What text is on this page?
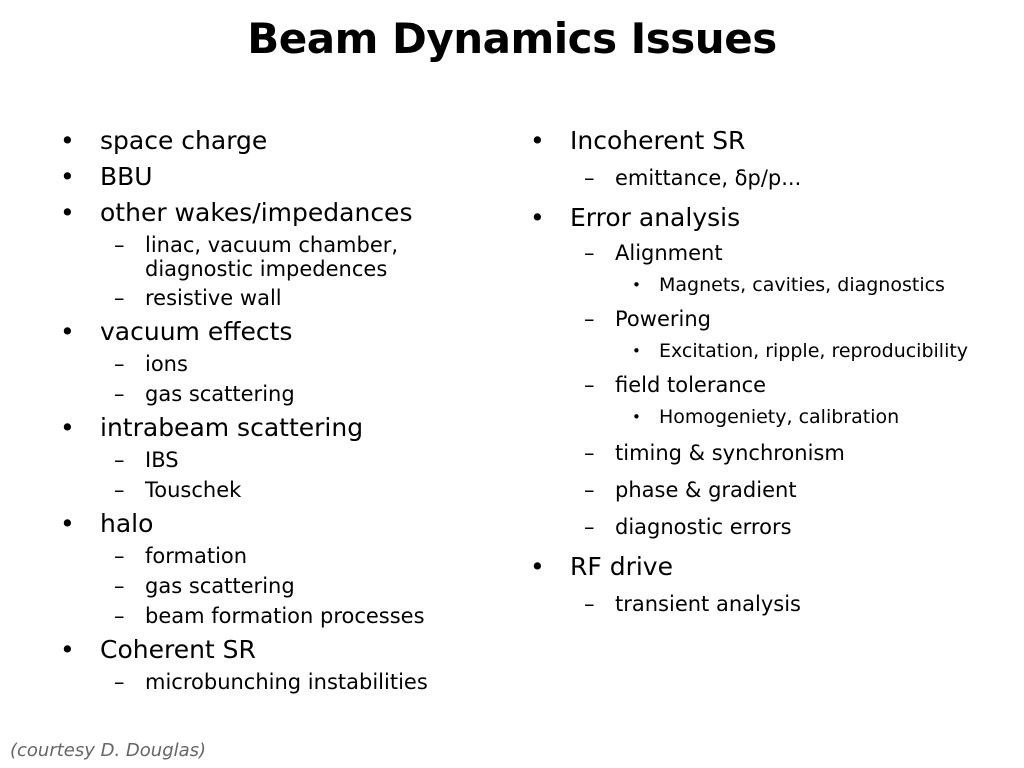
Beam Dynamics Issues
• space charge
• BBU
• other wakes/impedances
– linac, vacuum chamber, diagnostic impedences
– resistive wall
• vacuum effects
– ions
– gas scattering
• intrabeam scattering
– IBS
– Touschek
• halo
– formation
– gas scattering
– beam formation processes
• Coherent SR
– microbunching instabilities
• Incoherent SR
– emittance, δp/p...
• Error analysis
– Alignment
• Magnets, cavities, diagnostics
– Powering
• Excitation, ripple, reproducibility
– field tolerance
• Homogeniety, calibration
– timing & synchronism
– phase & gradient
– diagnostic errors
• RF drive
– transient analysis
(courtesy D. Douglas)
